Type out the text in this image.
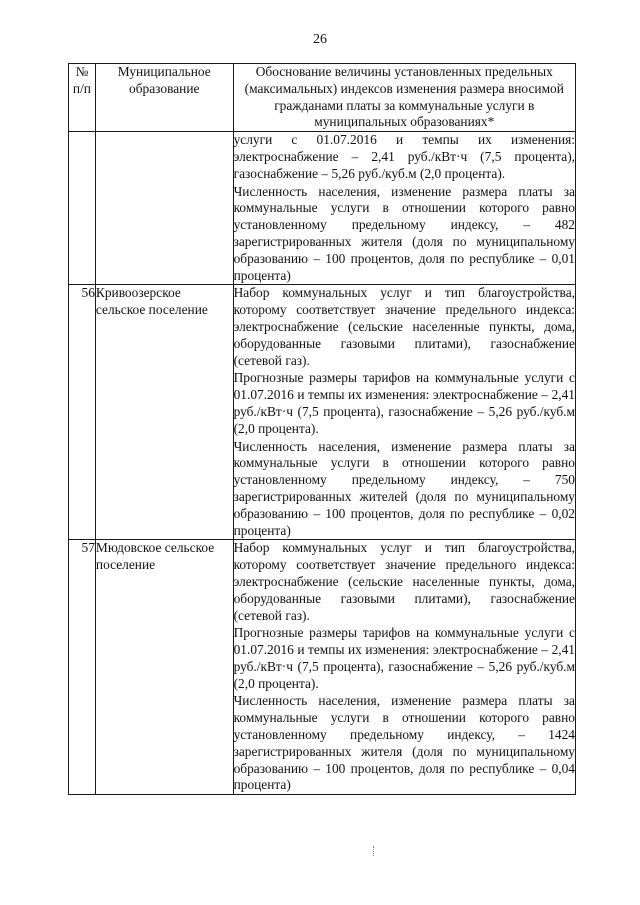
26
№ п/п	Муниципальное образование	Обоснование величины установленных предельных (максимальных) индексов изменения размера вносимой гражданами платы за коммунальные услуги в муниципальных образованиях*

		услуги с 01.07.2016 и темпы их изменения: электроснабжение – 2,41 руб./кВт·ч (7,5 процента), газоснабжение – 5,26 руб./куб.м (2,0 процента).
Численность населения, изменение размера платы за коммунальные услуги в отношении которого равно установленному предельному индексу, – 482 зарегистрированных жителя (доля по муниципальному образованию – 100 процентов, доля по республике – 0,01 процента)

56	Кривоозерское сельское поселение	Набор коммунальных услуг и тип благоустройства, которому соответствует значение предельного индекса: электроснабжение (сельские населенные пункты, дома, оборудованные газовыми плитами), газоснабжение (сетевой газ).
Прогнозные размеры тарифов на коммунальные услуги с 01.07.2016 и темпы их изменения: электроснабжение – 2,41 руб./кВт·ч (7,5 процента), газоснабжение – 5,26 руб./куб.м (2,0 процента).
Численность населения, изменение размера платы за коммунальные услуги в отношении которого равно установленному предельному индексу, – 750 зарегистрированных жителей (доля по муниципальному образованию – 100 процентов, доля по республике – 0,02 процента)

57	Мюдовское сельское поселение	Набор коммунальных услуг и тип благоустройства, которому соответствует значение предельного индекса: электроснабжение (сельские населенные пункты, дома, оборудованные газовыми плитами), газоснабжение (сетевой газ).
Прогнозные размеры тарифов на коммунальные услуги с 01.07.2016 и темпы их изменения: электроснабжение – 2,41 руб./кВт·ч (7,5 процента), газоснабжение – 5,26 руб./куб.м (2,0 процента).
Численность населения, изменение размера платы за коммунальные услуги в отношении которого равно установленному предельному индексу, – 1424 зарегистрированных жителя (доля по муниципальному образованию – 100 процентов, доля по республике – 0,04 процента)
